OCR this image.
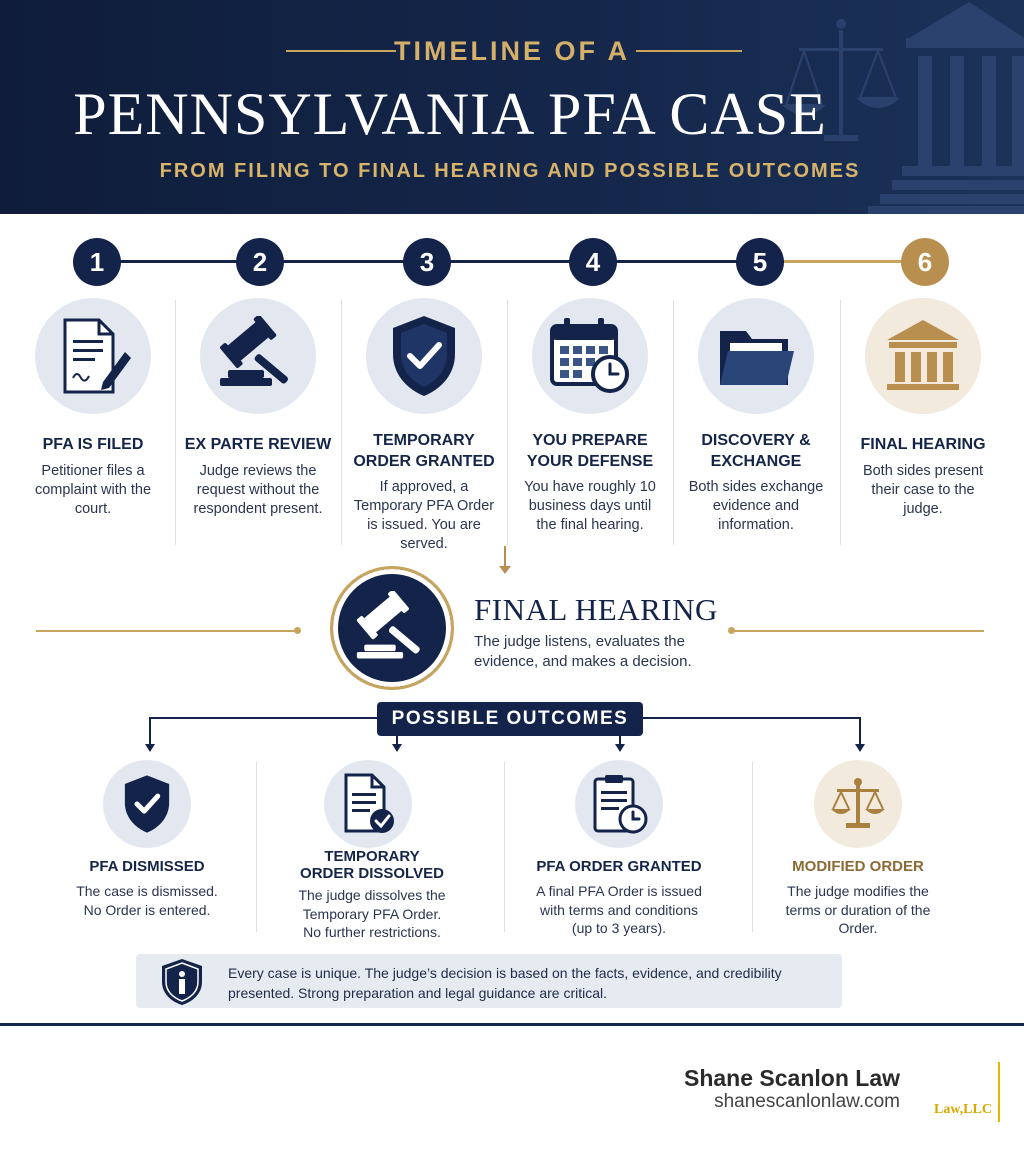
TIMELINE OF A
PENNSYLVANIA PFA CASE
FROM FILING TO FINAL HEARING AND POSSIBLE OUTCOMES
1	2	3	4	5	6
PFA IS FILED
Petitioner files a complaint with the court.
EX PARTE REVIEW
Judge reviews the request without the respondent present.
TEMPORARY ORDER GRANTED
If approved, a Temporary PFA Order is issued. You are served.
YOU PREPARE YOUR DEFENSE
You have roughly 10 business days until the final hearing.
DISCOVERY & EXCHANGE
Both sides exchange evidence and information.
FINAL HEARING
Both sides present their case to the judge.
FINAL HEARING
The judge listens, evaluates the evidence, and makes a decision.
POSSIBLE OUTCOMES
PFA DISMISSED
The case is dismissed. No Order is entered.
TEMPORARY ORDER DISSOLVED
The judge dissolves the Temporary PFA Order. No further restrictions.
PFA ORDER GRANTED
A final PFA Order is issued with terms and conditions (up to 3 years).
MODIFIED ORDER
The judge modifies the terms or duration of the Order.
Every case is unique. The judge’s decision is based on the facts, evidence, and credibility presented. Strong preparation and legal guidance are critical.
Shane Scanlon Law
shanescanlonlaw.com Law,LLC
